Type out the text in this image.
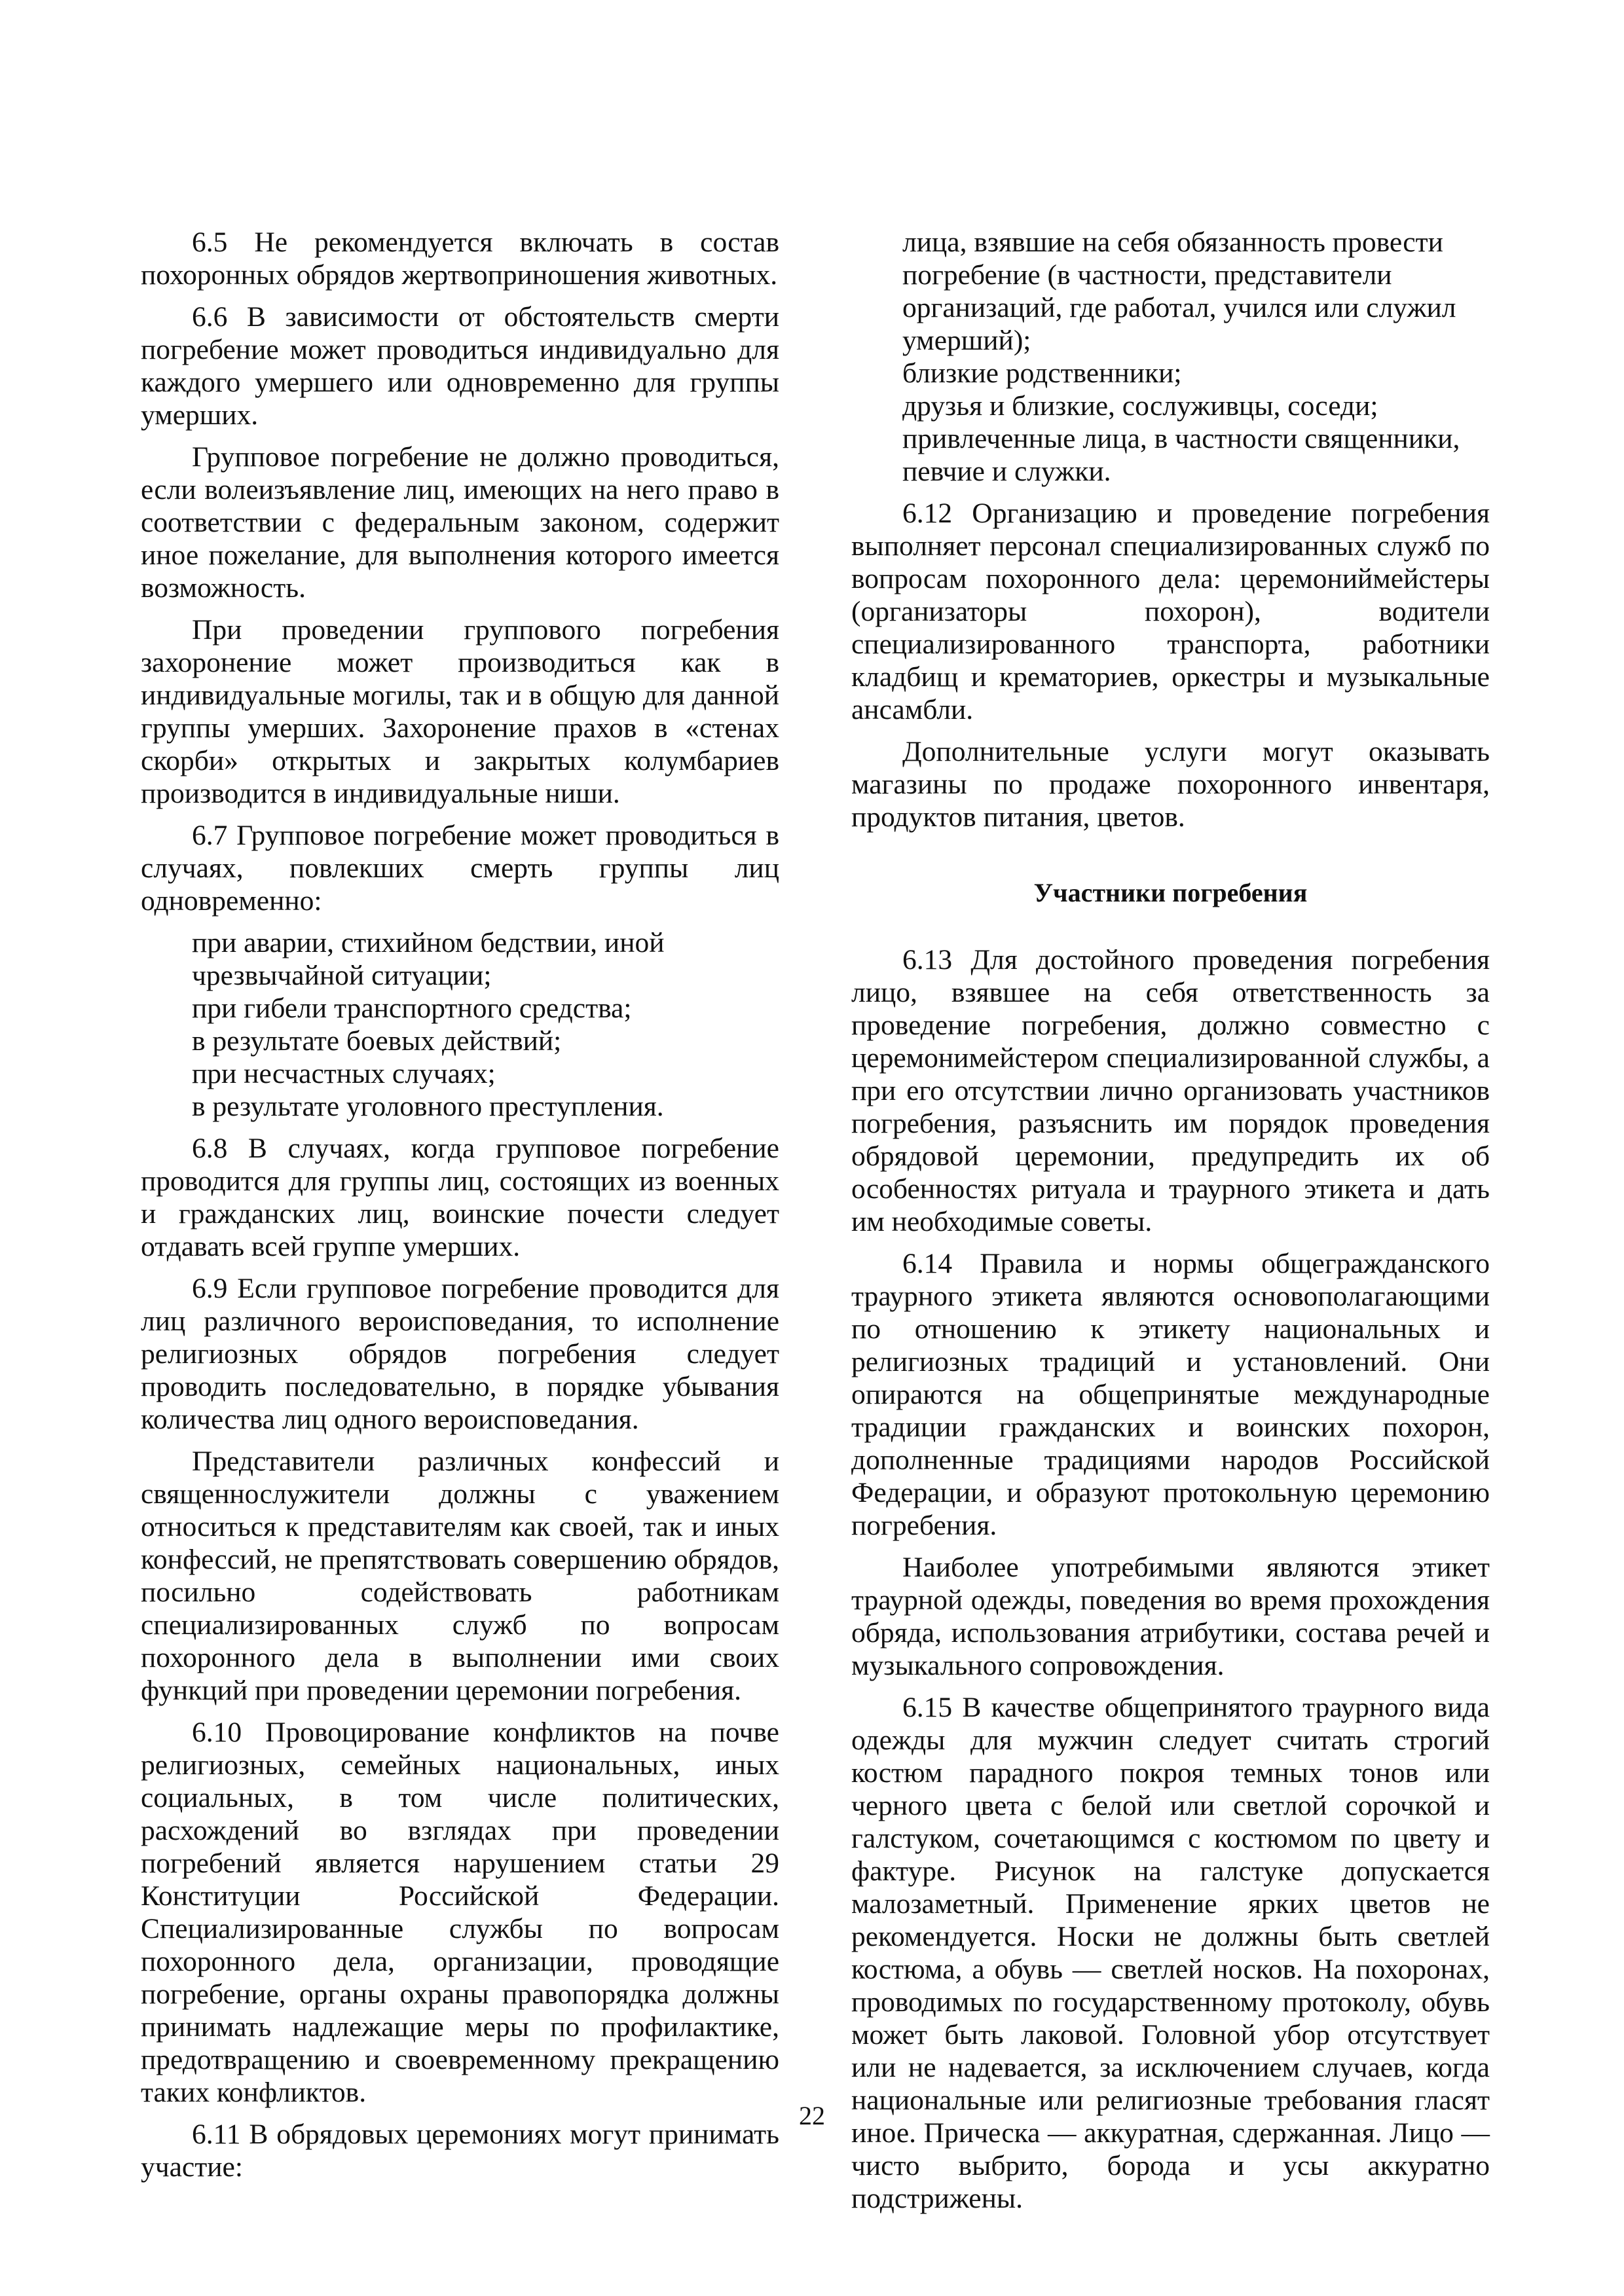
6.5 Не рекомендуется включать в состав похоронных обрядов жертвоприношения животных.

6.6 В зависимости от обстоятельств смерти погребение может проводиться индивидуально для каждого умершего или одновременно для группы умерших.

Групповое погребение не должно проводиться, если волеизъявление лиц, имеющих на него право в соответствии с федеральным законом, содержит иное пожелание, для выполнения которого имеется возможность.

При проведении группового погребения захоронение может производиться как в индивидуальные могилы, так и в общую для данной группы умерших. Захоронение прахов в «стенах скорби» открытых и закрытых колумбариев производится в индивидуальные ниши.

6.7 Групповое погребение может проводиться в случаях, повлекших смерть группы лиц одновременно:

при аварии, стихийном бедствии, иной чрезвычайной ситуации;

при гибели транспортного средства;

в результате боевых действий;

при несчастных случаях;

в результате уголовного преступления.

6.8 В случаях, когда групповое погребение проводится для группы лиц, состоящих из военных и гражданских лиц, воинские почести следует отдавать всей группе умерших.

6.9 Если групповое погребение проводится для лиц различного вероисповедания, то исполнение религиозных обрядов погребения следует проводить последовательно, в порядке убывания количества лиц одного вероисповедания.

Представители различных конфессий и священнослужители должны с уважением относиться к представителям как своей, так и иных конфессий, не препятствовать совершению обрядов, посильно содействовать работникам специализированных служб по вопросам похоронного дела в выполнении ими своих функций при проведении церемонии погребения.

6.10 Провоцирование конфликтов на почве религиозных, семейных национальных, иных социальных, в том числе политических, расхождений во взглядах при проведении погребений является нарушением статьи 29 Конституции Российской Федерации. Специализированные службы по вопросам похоронного дела, организации, проводящие погребение, органы охраны правопорядка должны принимать надлежащие меры по профилактике, предотвращению и своевременному прекращению таких конфликтов.

6.11 В обрядовых церемониях могут принимать участие:

лица, взявшие на себя обязанность провести погребение (в частности, представители организаций, где работал, учился или служил умерший);

близкие родственники;

друзья и близкие, сослуживцы, соседи;

привлеченные лица, в частности священники, певчие и служки.

6.12 Организацию и проведение погребения выполняет персонал специализированных служб по вопросам похоронного дела: церемониймейстеры (организаторы похорон), водители специализированного транспорта, работники кладбищ и крематориев, оркестры и музыкальные ансамбли.

Дополнительные услуги могут оказывать магазины по продаже похоронного инвентаря, продуктов питания, цветов.

Участники погребения

6.13 Для достойного проведения погребения лицо, взявшее на себя ответственность за проведение погребения, должно совместно с церемонимейстером специализированной службы, а при его отсутствии лично организовать участников погребения, разъяснить им порядок проведения обрядовой церемонии, предупредить их об особенностях ритуала и траурного этикета и дать им необходимые советы.

6.14 Правила и нормы общегражданского траурного этикета являются основополагающими по отношению к этикету национальных и религиозных традиций и установлений. Они опираются на общепринятые международные традиции гражданских и воинских похорон, дополненные традициями народов Российской Федерации, и образуют протокольную церемонию погребения.

Наиболее употребимыми являются этикет траурной одежды, поведения во время прохождения обряда, использования атрибутики, состава речей и музыкального сопровождения.

6.15 В качестве общепринятого траурного вида одежды для мужчин следует считать строгий костюм парадного покроя темных тонов или черного цвета с белой или светлой сорочкой и галстуком, сочетающимся с костюмом по цвету и фактуре. Рисунок на галстуке допускается малозаметный. Применение ярких цветов не рекомендуется. Носки не должны быть светлей костюма, а обувь — светлей носков. На похоронах, проводимых по государственному протоколу, обувь может быть лаковой. Головной убор отсутствует или не надевается, за исключением случаев, когда национальные или религиозные требования гласят иное. Прическа — аккуратная, сдержанная. Лицо — чисто выбрито, борода и усы аккуратно подстрижены.

22
